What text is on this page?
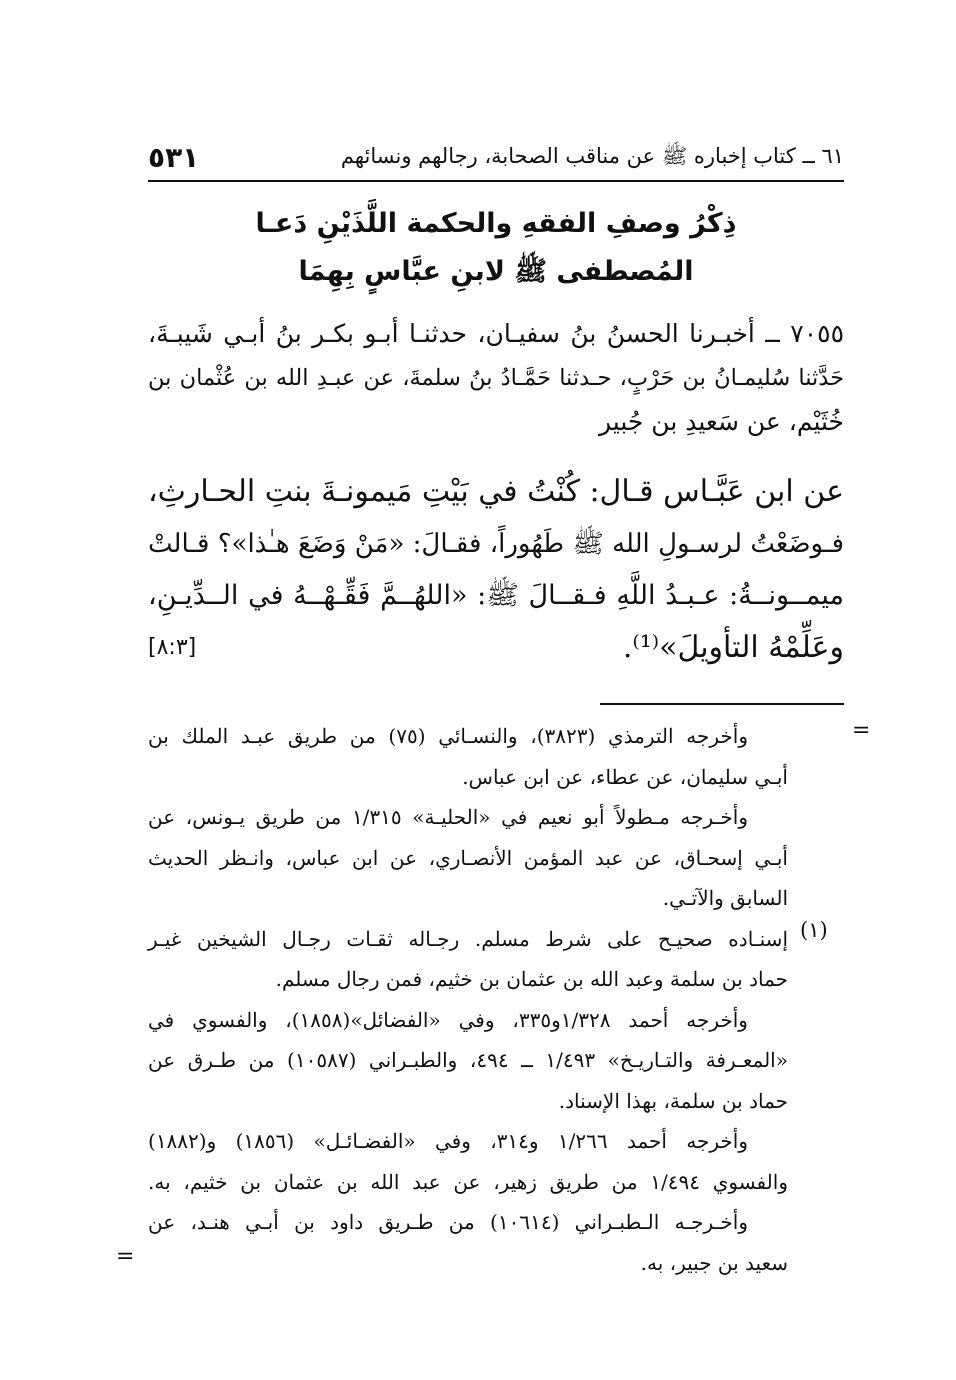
٦١ ــ كتاب إخباره ﷺ عن مناقب الصحابة، رجالهم ونسائهم
٥٣١
ذِكْرُ وصفِ الفقهِ والحكمة اللَّذَيْنِ دَعـا
المُصطفى ﷺ لابنِ عبَّاسٍ بِهِمَا

٧٠٥٥ ــ أخبـرنا الحسنُ بنُ سفيـان، حدثنـا أبـو بكـر بنُ أبـي شَيبـةَ،

حَدَّثنا سُليمـانُ بن حَرْبٍ، حـدثنا حَمَّـادُ بنُ سلمةَ، عن عبـدِ الله بن عُثْمان بن

خُثَيْم، عن سَعيدِ بن جُبير

عن ابن عَبَّـاس قـال: كُنْتُ في بَيْتِ مَيمونـةَ بنتِ الحـارثِ،

فـوضَعْتُ لرسـولِ الله ﷺ طَهُوراً، فقـالَ: «مَنْ وَضَعَ هـٰذا»؟ قـالتْ

ميمــونــةُ: عـبـدُ اللَّهِ فـقــالَ ﷺ: «اللهُــمَّ فَقِّـهْــهُ في الــدِّيـنِ،

وعَلِّمْهُ التأويلَ»⁽¹⁾.
[٨:٣]
=
=
(١)

وأخرجه الترمذي (٣٨٢٣)، والنسـائي (٧٥) من طريق عبـد الملك بن

أبـي سليمان، عن عطاء، عن ابن عباس.

وأخـرجه مـطولاً أبو نعيم في «الحليـة» ١/٣١٥ من طريق يـونس، عن

أبـي إسحـاق، عن عبد المؤمن الأنصـاري، عن ابن عباس، وانـظر الحديث

السابق والآتـي.

إسنـاده صحيـح على شرط مسلم. رجـاله ثقـات رجـال الشيخين غيـر

حماد بن سلمة وعبد الله بن عثمان بن خثيم، فمن رجال مسلم.

وأخرجه أحمد ١/٣٢٨و٣٣٥، وفي «الفضائل»(١٨٥٨)، والفسوي في

«المعـرفة والتـاريـخ» ١/٤٩٣ ــ ٤٩٤، والطبـراني (١٠٥٨٧) من طـرق عن

حماد بن سلمة، بهذا الإسناد.

وأخرجه أحمد ١/٢٦٦ و٣١٤، وفي «الفضـائـل» (١٨٥٦) و(١٨٨٢)

والفسوي ١/٤٩٤ من طريق زهير، عن عبد الله بن عثمان بن خثيم، به.

وأخـرجـه الـطبـراني (١٠٦١٤) من طـريق داود بن أبـي هنـد، عن

سعيد بن جبير، به.
